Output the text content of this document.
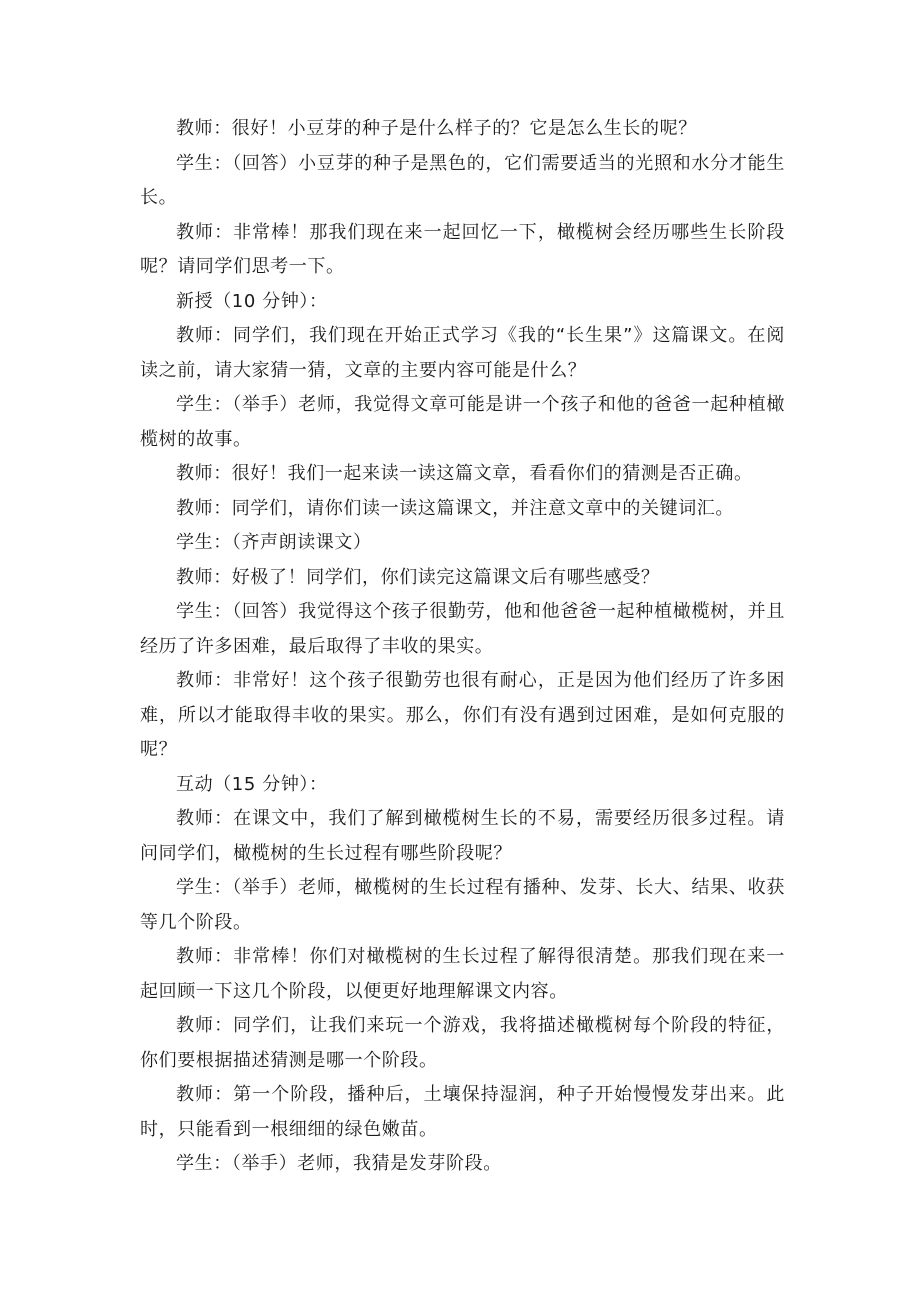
教师：很好！小豆芽的种子是什么样子的？它是怎么生长的呢？

学生：（回答）小豆芽的种子是黑色的，它们需要适当的光照和水分才能生长。

教师：非常棒！那我们现在来一起回忆一下，橄榄树会经历哪些生长阶段呢？请同学们思考一下。

新授（10 分钟）：

教师：同学们，我们现在开始正式学习《我的“长生果”》这篇课文。在阅读之前，请大家猜一猜，文章的主要内容可能是什么？

学生：（举手）老师，我觉得文章可能是讲一个孩子和他的爸爸一起种植橄榄树的故事。

教师：很好！我们一起来读一读这篇文章，看看你们的猜测是否正确。

教师：同学们，请你们读一读这篇课文，并注意文章中的关键词汇。

学生：（齐声朗读课文）

教师：好极了！同学们，你们读完这篇课文后有哪些感受？

学生：（回答）我觉得这个孩子很勤劳，他和他爸爸一起种植橄榄树，并且经历了许多困难，最后取得了丰收的果实。

教师：非常好！这个孩子很勤劳也很有耐心，正是因为他们经历了许多困难，所以才能取得丰收的果实。那么，你们有没有遇到过困难，是如何克服的呢？

互动（15 分钟）：

教师：在课文中，我们了解到橄榄树生长的不易，需要经历很多过程。请问同学们，橄榄树的生长过程有哪些阶段呢？

学生：（举手）老师，橄榄树的生长过程有播种、发芽、长大、结果、收获等几个阶段。

教师：非常棒！你们对橄榄树的生长过程了解得很清楚。那我们现在来一起回顾一下这几个阶段，以便更好地理解课文内容。

教师：同学们，让我们来玩一个游戏，我将描述橄榄树每个阶段的特征，你们要根据描述猜测是哪一个阶段。

教师：第一个阶段，播种后，土壤保持湿润，种子开始慢慢发芽出来。此时，只能看到一根细细的绿色嫩苗。

学生：（举手）老师，我猜是发芽阶段。
